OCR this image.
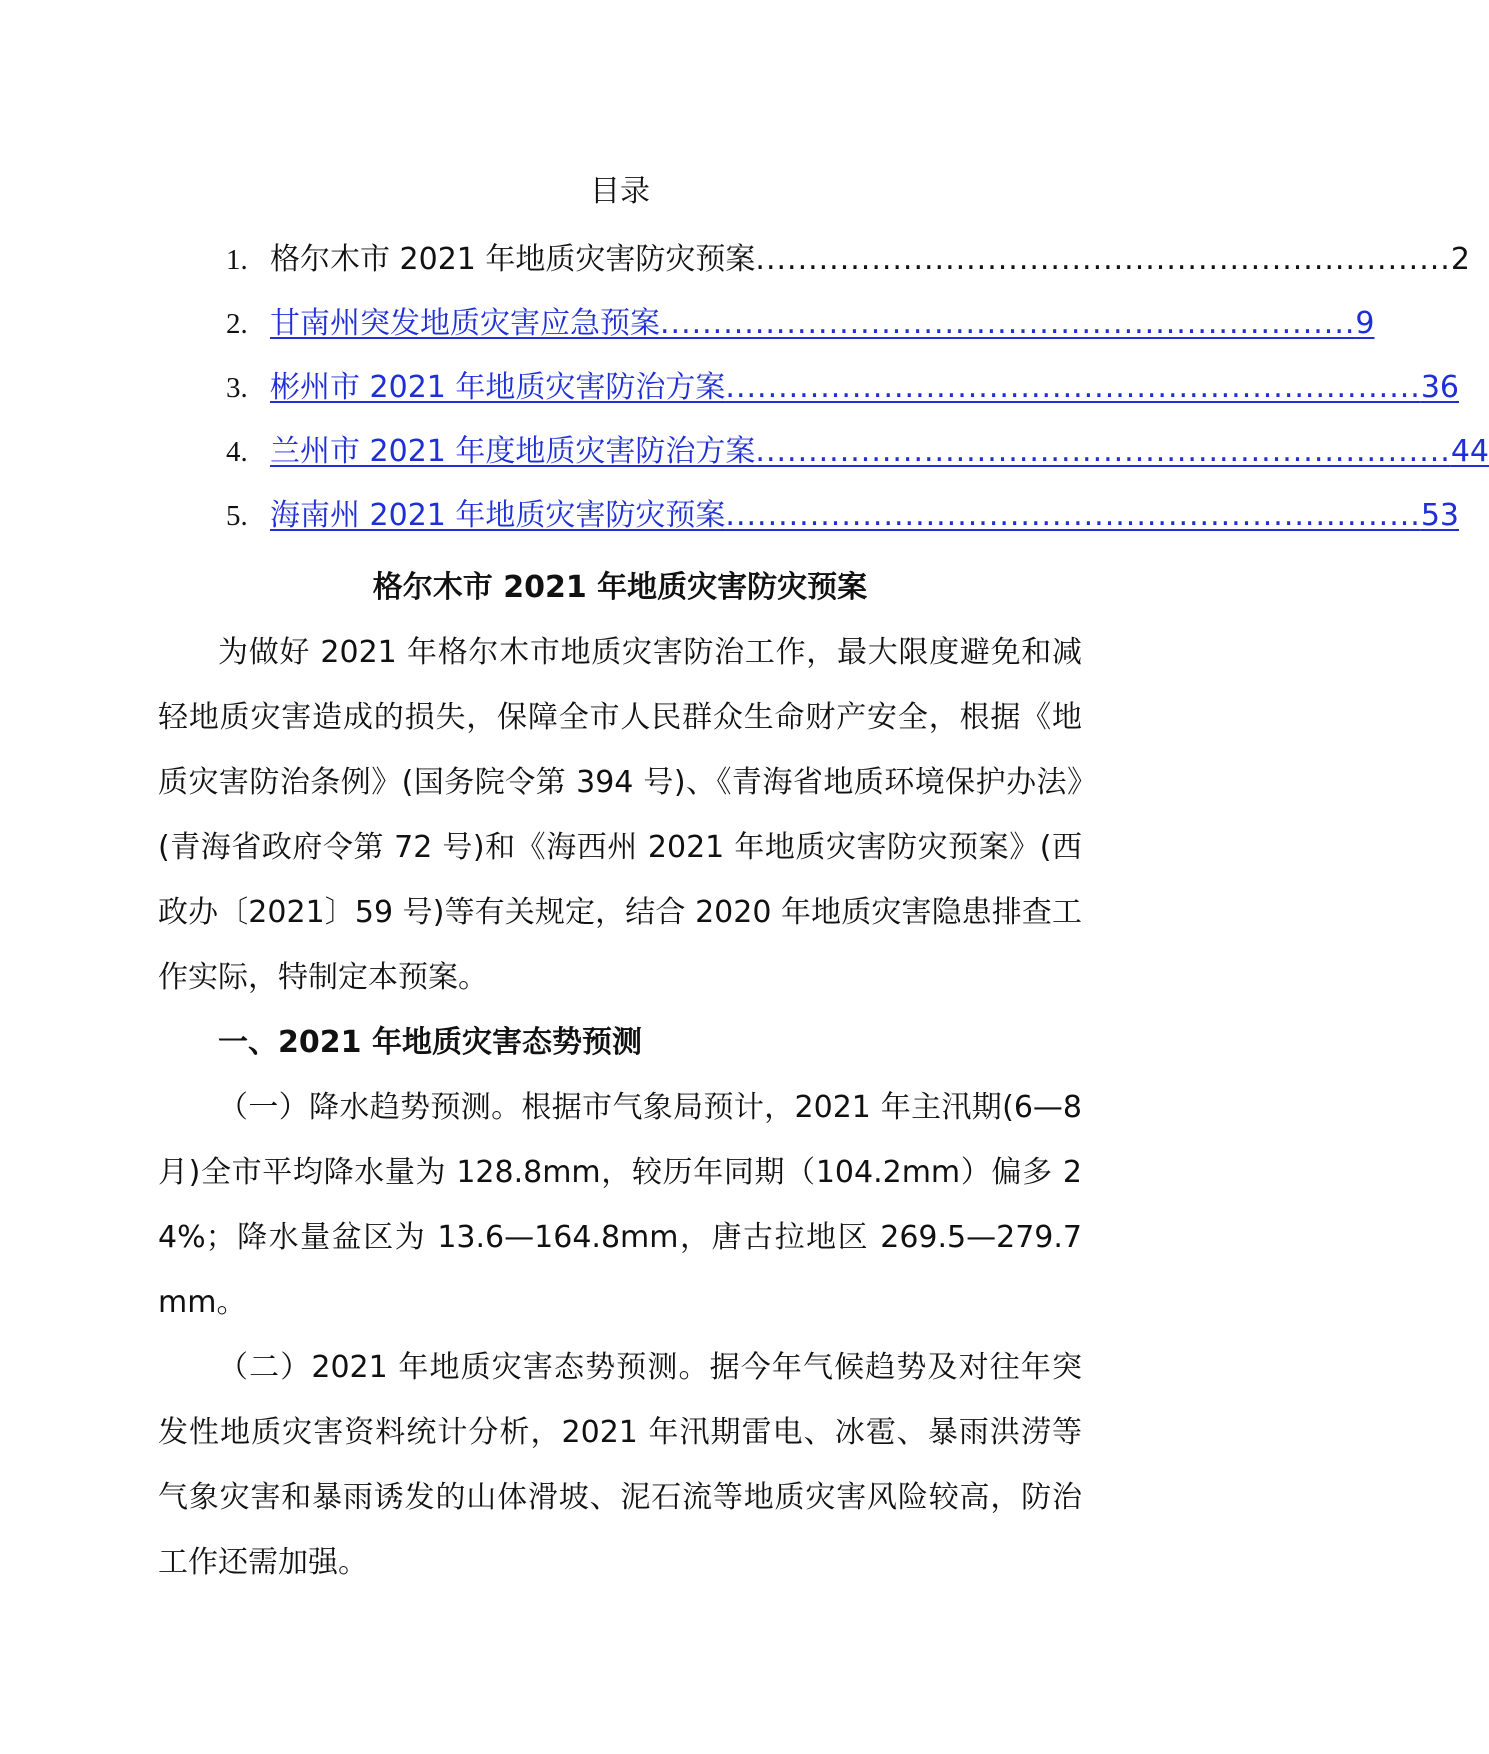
目录
1. 格尔木市 2021 年地质灾害防灾预案 .................................................................. 2
2. 甘南州突发地质灾害应急预案 .................................................................. 9
3. 彬州市 2021 年地质灾害防治方案 .................................................................. 36
4. 兰州市 2021 年度地质灾害防治方案 .................................................................. 44
5. 海南州 2021 年地质灾害防灾预案 .................................................................. 53
格尔木市 2021 年地质灾害防灾预案

为做好 2021 年格尔木市地质灾害防治工作，最大限度避免和减轻地质灾害造成的损失，保障全市人民群众生命财产安全，根据《地质灾害防治条例》(国务院令第 394 号)、《青海省地质环境保护办法》(青海省政府令第 72 号)和《海西州 2021 年地质灾害防灾预案》(西政办〔2021〕59 号)等有关规定，结合 2020 年地质灾害隐患排查工作实际，特制定本预案。

一、2021 年地质灾害态势预测

（一）降水趋势预测。根据市气象局预计，2021 年主汛期(6—8 月)全市平均降水量为 128.8mm，较历年同期（104.2mm）偏多 24%；降水量盆区为 13.6—164.8mm，唐古拉地区 269.5—279.7mm。

（二）2021 年地质灾害态势预测。据今年气候趋势及对往年突发性地质灾害资料统计分析，2021 年汛期雷电、冰雹、暴雨洪涝等气象灾害和暴雨诱发的山体滑坡、泥石流等地质灾害风险较高，防治工作还需加强。
